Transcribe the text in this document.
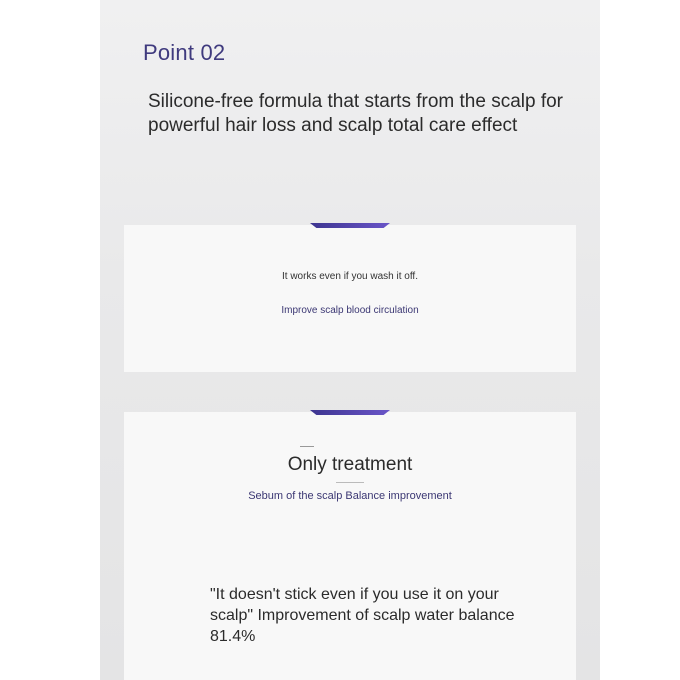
Point 02
Silicone-free formula that starts from the scalp for powerful hair loss and scalp total care effect
It works even if you wash it off.
Improve scalp blood circulation
Only treatment
Sebum of the scalp Balance improvement
"It doesn't stick even if you use it on your scalp" Improvement of scalp water balance 81.4%
